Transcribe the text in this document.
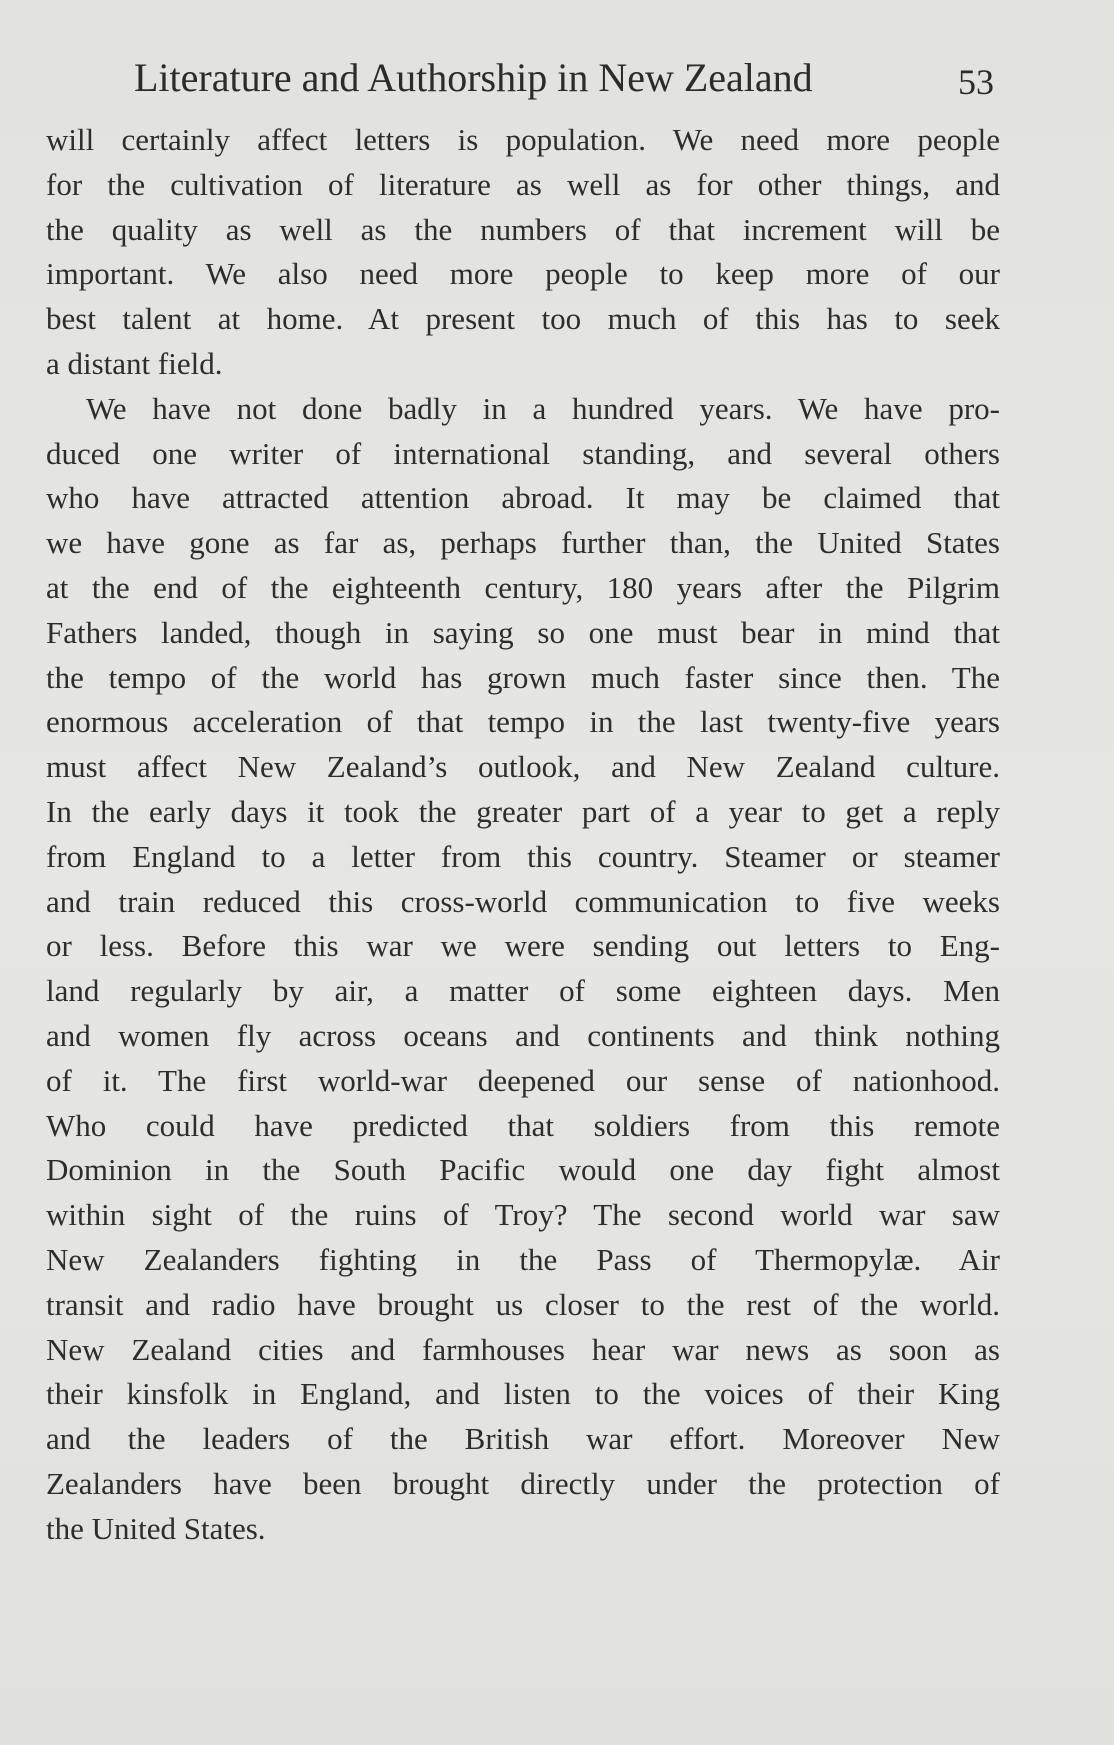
Literature and Authorship in New Zealand	53
will certainly affect letters is population. We need more people
for the cultivation of literature as well as for other things, and
the quality as well as the numbers of that increment will be
important. We also need more people to keep more of our
best talent at home. At present too much of this has to seek
a distant field.
We have not done badly in a hundred years. We have pro-
duced one writer of international standing, and several others
who have attracted attention abroad. It may be claimed that
we have gone as far as, perhaps further than, the United States
at the end of the eighteenth century, 180 years after the Pilgrim
Fathers landed, though in saying so one must bear in mind that
the tempo of the world has grown much faster since then. The
enormous acceleration of that tempo in the last twenty-five years
must affect New Zealand’s outlook, and New Zealand culture.
In the early days it took the greater part of a year to get a reply
from England to a letter from this country. Steamer or steamer
and train reduced this cross-world communication to five weeks
or less. Before this war we were sending out letters to Eng-
land regularly by air, a matter of some eighteen days. Men
and women fly across oceans and continents and think nothing
of it. The first world-war deepened our sense of nationhood.
Who could have predicted that soldiers from this remote
Dominion in the South Pacific would one day fight almost
within sight of the ruins of Troy? The second world war saw
New Zealanders fighting in the Pass of Thermopylæ. Air
transit and radio have brought us closer to the rest of the world.
New Zealand cities and farmhouses hear war news as soon as
their kinsfolk in England, and listen to the voices of their King
and the leaders of the British war effort. Moreover New
Zealanders have been brought directly under the protection of
the United States.
